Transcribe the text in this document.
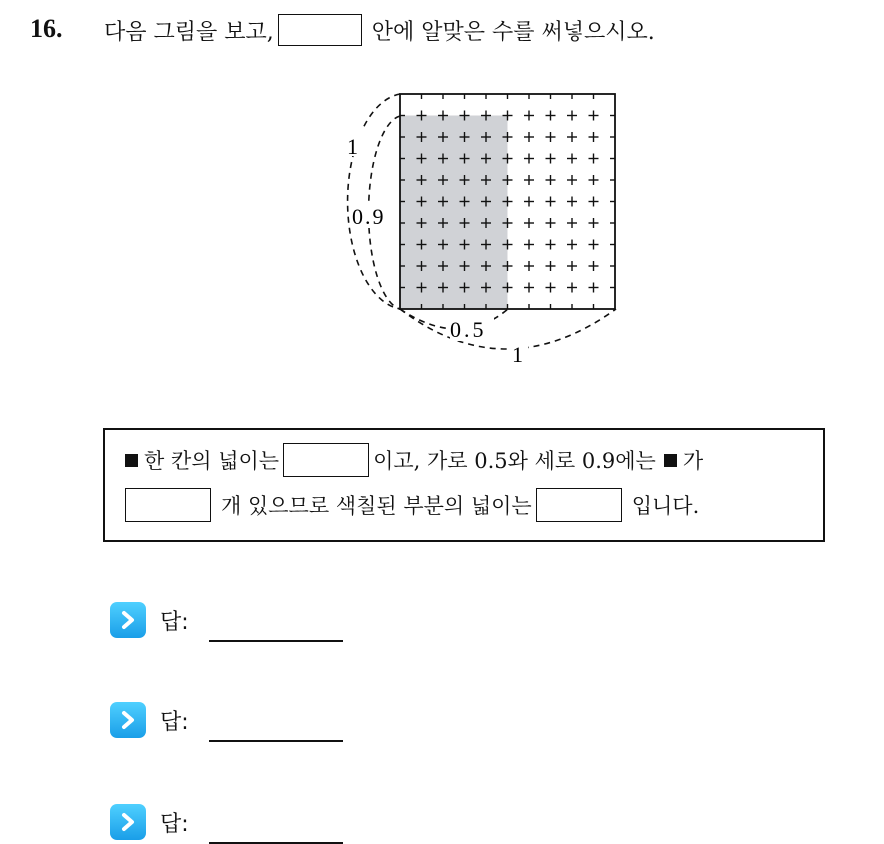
16. 다음 그림을 보고,	안에 알맞은 수를 써넣으시오.
1
0.9
0.5
1
한 칸의 넓이는	이고, 가로 0.5와 세로 0.9에는 가
개 있으므로 색칠된 부분의 넓이는	입니다.
답:
답:
답:
